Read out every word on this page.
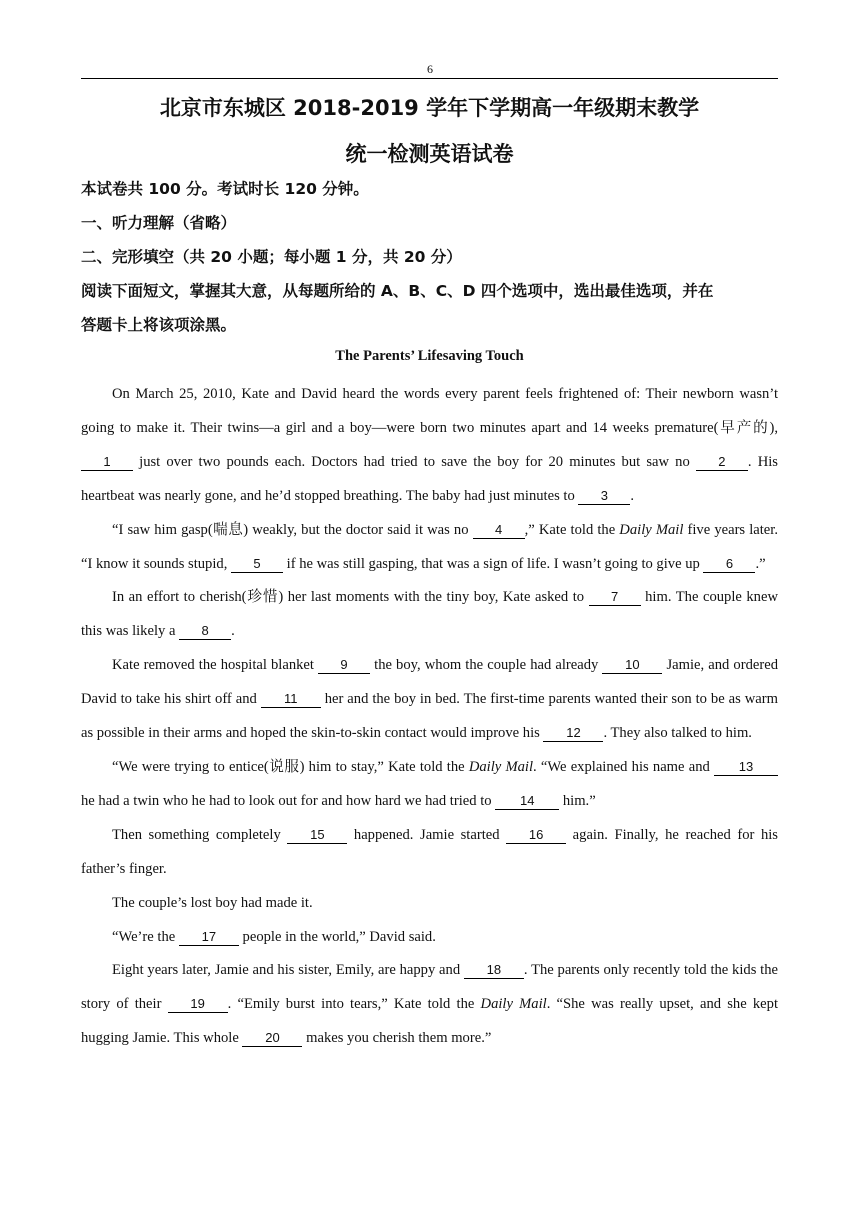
6
北京市东城区 2018-2019 学年下学期高一年级期末教学
统一检测英语试卷
本试卷共 100 分。考试时长 120 分钟。
一、听力理解（省略）
二、完形填空（共 20 小题；每小题 1 分，共 20 分）
阅读下面短文，掌握其大意，从每题所给的 A、B、C、D 四个选项中，选出最佳选项，并在
答题卡上将该项涂黑。
The Parents’ Lifesaving Touch

On March 25, 2010, Kate and David heard the words every parent feels frightened of: Their newborn wasn’t going to make it. Their twins—a girl and a boy—were born two minutes apart and 14 weeks premature(早产的), 1 just over two pounds each. Doctors had tried to save the boy for 20 minutes but saw no 2 . His heartbeat was nearly gone, and he’d stopped breathing. The baby had just minutes to 3 .

“I saw him gasp(喘息) weakly, but the doctor said it was no 4 ,” Kate told the Daily Mail five years later. “I know it sounds stupid, 5 if he was still gasping, that was a sign of life. I wasn’t going to give up 6 .”

In an effort to cherish(珍惜) her last moments with the tiny boy, Kate asked to 7 him. The couple knew this was likely a 8 .

Kate removed the hospital blanket 9 the boy, whom the couple had already 10 Jamie, and ordered David to take his shirt off and 11 her and the boy in bed. The first-time parents wanted their son to be as warm as possible in their arms and hoped the skin-to-skin contact would improve his 12 . They also talked to him.

“We were trying to entice(说服) him to stay,” Kate told the Daily Mail. “We explained his name and 13 he had a twin who he had to look out for and how hard we had tried to 14 him.”

Then something completely 15 happened. Jamie started 16 again. Finally, he reached for his father’s finger.

The couple’s lost boy had made it.

“We’re the 17 people in the world,” David said.

Eight years later, Jamie and his sister, Emily, are happy and 18 . The parents only recently told the kids the story of their 19 . “Emily burst into tears,” Kate told the Daily Mail. “She was really upset, and she kept hugging Jamie. This whole 20 makes you cherish them more.”
